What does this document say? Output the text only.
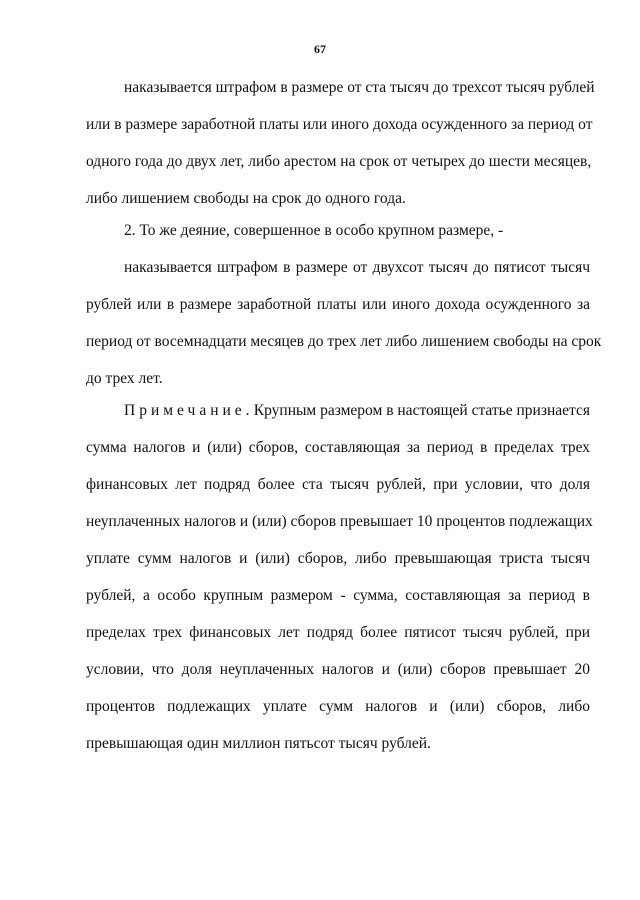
67
наказывается штрафом в размере от ста тысяч до трехсот тысяч рублей
или в размере заработной платы или иного дохода осужденного за период от
одного года до двух лет, либо арестом на срок от четырех до шести месяцев,
либо лишением свободы на срок до одного года.
2. То же деяние, совершенное в особо крупном размере, -
наказывается штрафом в размере от двухсот тысяч до пятисот тысяч
рублей или в размере заработной платы или иного дохода осужденного за
период от восемнадцати месяцев до трех лет либо лишением свободы на срок
до трех лет.
Примечание. Крупным размером в настоящей статье признается
сумма налогов и (или) сборов, составляющая за период в пределах трех
финансовых лет подряд более ста тысяч рублей, при условии, что доля
неуплаченных налогов и (или) сборов превышает 10 процентов подлежащих
уплате сумм налогов и (или) сборов, либо превышающая триста тысяч
рублей, а особо крупным размером - сумма, составляющая за период в
пределах трех финансовых лет подряд более пятисот тысяч рублей, при
условии, что доля неуплаченных налогов и (или) сборов превышает 20
процентов подлежащих уплате сумм налогов и (или) сборов, либо
превышающая один миллион пятьсот тысяч рублей.
